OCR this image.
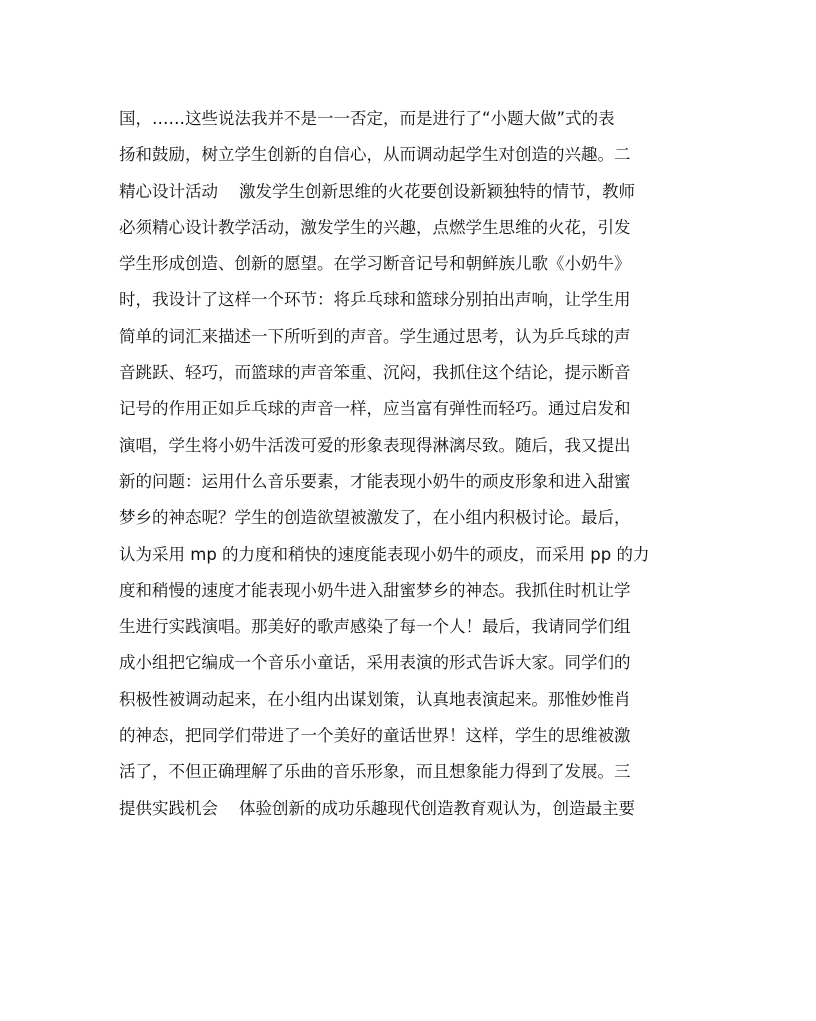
国，……这些说法我并不是一一否定，而是进行了“小题大做”式的表
扬和鼓励，树立学生创新的自信心，从而调动起学生对创造的兴趣。二
精心设计活动    激发学生创新思维的火花要创设新颖独特的情节，教师
必须精心设计教学活动，激发学生的兴趣，点燃学生思维的火花，引发
学生形成创造、创新的愿望。在学习断音记号和朝鲜族儿歌《小奶牛》
时，我设计了这样一个环节：将乒乓球和篮球分别拍出声响，让学生用
简单的词汇来描述一下所听到的声音。学生通过思考，认为乒乓球的声
音跳跃、轻巧，而篮球的声音笨重、沉闷，我抓住这个结论，提示断音
记号的作用正如乒乓球的声音一样，应当富有弹性而轻巧。通过启发和
演唱，学生将小奶牛活泼可爱的形象表现得淋漓尽致。随后，我又提出
新的问题：运用什么音乐要素，才能表现小奶牛的顽皮形象和进入甜蜜
梦乡的神态呢？学生的创造欲望被激发了，在小组内积极讨论。最后，
认为采用 mp 的力度和稍快的速度能表现小奶牛的顽皮，而采用 pp 的力
度和稍慢的速度才能表现小奶牛进入甜蜜梦乡的神态。我抓住时机让学
生进行实践演唱。那美好的歌声感染了每一个人！最后，我请同学们组
成小组把它编成一个音乐小童话，采用表演的形式告诉大家。同学们的
积极性被调动起来，在小组内出谋划策，认真地表演起来。那惟妙惟肖
的神态，把同学们带进了一个美好的童话世界！这样，学生的思维被激
活了，不但正确理解了乐曲的音乐形象，而且想象能力得到了发展。三
提供实践机会    体验创新的成功乐趣现代创造教育观认为，创造最主要
